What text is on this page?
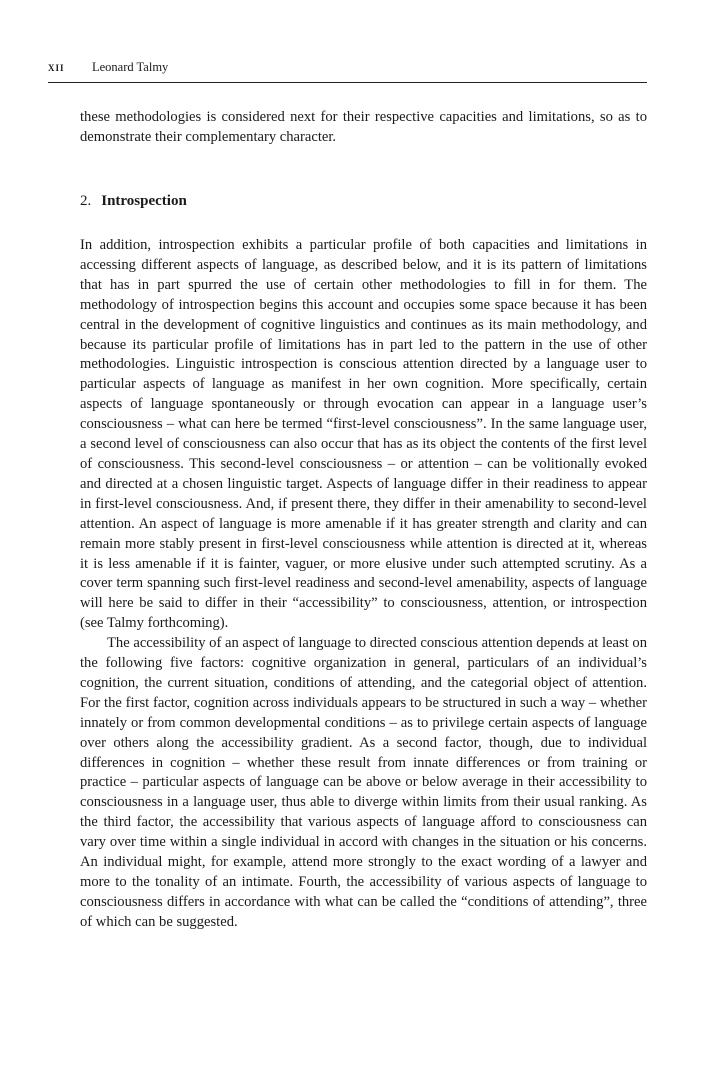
xii Leonard Talmy

these methodologies is considered next for their respective capacities and limitations, so as to demonstrate their complementary character.

2. Introspection

In addition, introspection exhibits a particular profile of both capacities and limitations in accessing different aspects of language, as described below, and it is its pattern of limitations that has in part spurred the use of certain other methodologies to fill in for them. The methodology of introspection begins this account and occupies some space because it has been central in the development of cognitive linguistics and continues as its main methodology, and because its particular profile of limitations has in part led to the pattern in the use of other methodologies. Linguistic introspection is conscious attention directed by a language user to particular aspects of language as manifest in her own cognition. More specifically, certain aspects of language spontaneously or through evocation can appear in a language user’s consciousness – what can here be termed “first-level consciousness”. In the same language user, a second level of consciousness can also occur that has as its object the contents of the first level of consciousness. This second-level consciousness – or attention – can be volitionally evoked and directed at a chosen linguistic target. Aspects of language differ in their readiness to appear in first-level consciousness. And, if present there, they differ in their amenability to second-level attention. An aspect of language is more amenable if it has greater strength and clarity and can remain more stably present in first-level consciousness while attention is directed at it, whereas it is less amenable if it is fainter, vaguer, or more elusive under such attempted scrutiny. As a cover term spanning such first-level readiness and second-level amenability, aspects of language will here be said to differ in their “accessibility” to consciousness, attention, or introspection (see Talmy forthcoming).

The accessibility of an aspect of language to directed conscious attention depends at least on the following five factors: cognitive organization in general, particulars of an individual’s cognition, the current situation, conditions of attending, and the categorial object of attention. For the first factor, cognition across individuals appears to be structured in such a way – whether innately or from common developmental conditions – as to privilege certain aspects of language over others along the accessibility gradient. As a second factor, though, due to individual differences in cognition – whether these result from innate differences or from training or practice – particular aspects of language can be above or below average in their accessibility to consciousness in a language user, thus able to diverge within limits from their usual ranking. As the third factor, the accessibility that various aspects of language afford to consciousness can vary over time within a single individual in accord with changes in the situation or his concerns. An individual might, for example, attend more strongly to the exact wording of a lawyer and more to the tonality of an intimate. Fourth, the accessibility of various aspects of language to consciousness differs in accordance with what can be called the “conditions of attending”, three of which can be suggested.
